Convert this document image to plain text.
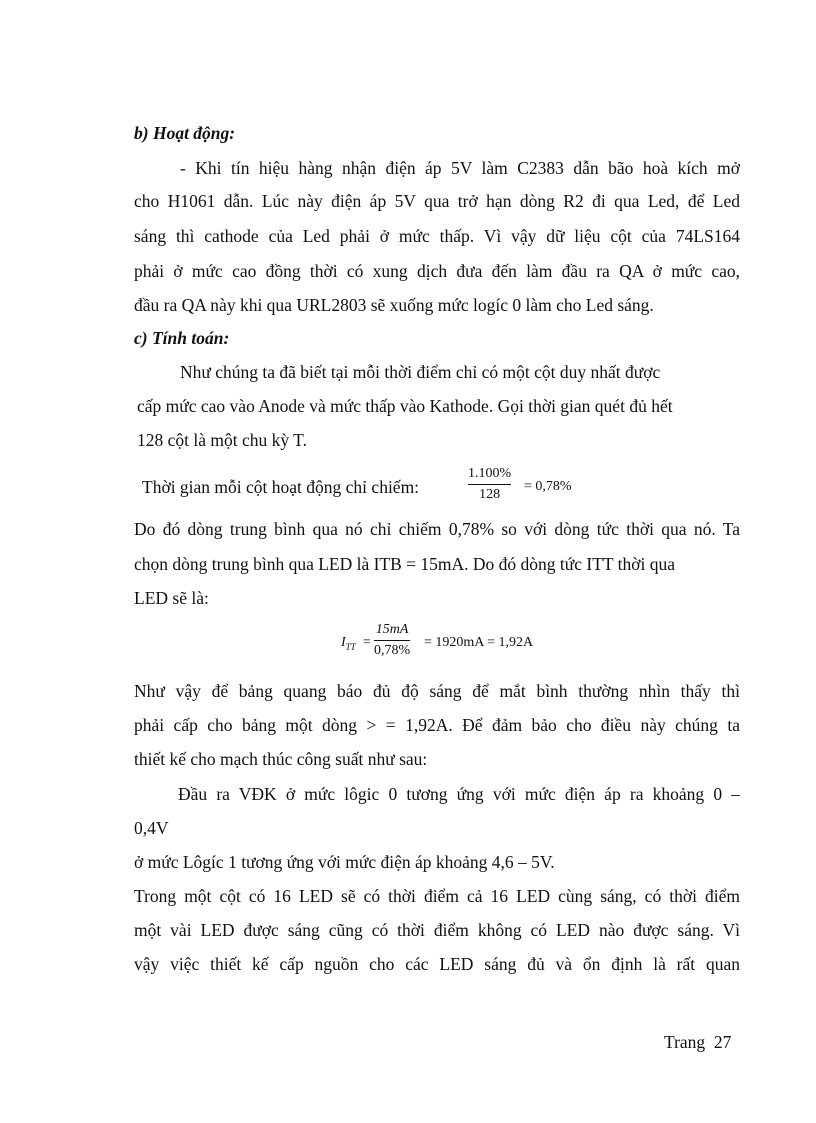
b) Hoạt động:
- Khi tín hiệu hàng nhận điện áp 5V làm C2383 dẫn bão hoà kích mở
cho H1061 dẫn. Lúc này điện áp 5V qua trở hạn dòng R2 đi qua Led, để Led
sáng thì cathode của Led phải ở mức thấp. Vì vậy dữ liệu cột của 74LS164
phải ở mức cao đồng thời có xung dịch đưa đến làm đầu ra QA ở mức cao,
đầu ra QA này khi qua URL2803 sẽ xuống mức logíc 0 làm cho Led sáng.
c) Tính toán:
Như chúng ta đã biết tại mỗi thời điểm chỉ có một cột duy nhất được
cấp mức cao vào Anode và mức thấp vào Kathode. Gọi thời gian quét đủ hết
128 cột là một chu kỳ T.
Thời gian mỗi cột hoạt động chỉ chiếm:
1.100%
128
= 0,78%
Do đó dòng trung bình qua nó chỉ chiếm 0,78% so với dòng tức thời qua nó. Ta
chọn dòng trung bình qua LED là ITB = 15mA. Do đó dòng tức ITT thời qua
LED sẽ là:
$I_{TT}$ =
15mA
0,78%
= 1920mA = 1,92A
Như vậy để bảng quang báo đủ độ sáng để mắt bình thường nhìn thấy thì
phải cấp cho bảng một dòng > = 1,92A. Để đảm bảo cho điều này chúng ta
thiết kế cho mạch thúc công suất như sau:
Đầu ra VĐK ở mức lôgic 0 tương ứng với mức điện áp ra khoảng 0 –
0,4V
ở mức Lôgíc 1 tương ứng với mức điện áp khoảng 4,6 – 5V.
Trong một cột có 16 LED sẽ có thời điểm cả 16 LED cùng sáng, có thời điểm
một vài LED được sáng cũng có thời điểm không có LED nào được sáng. Vì
vậy việc thiết kế cấp nguồn cho các LED sáng đủ và ổn định là rất quan
Trang 27
